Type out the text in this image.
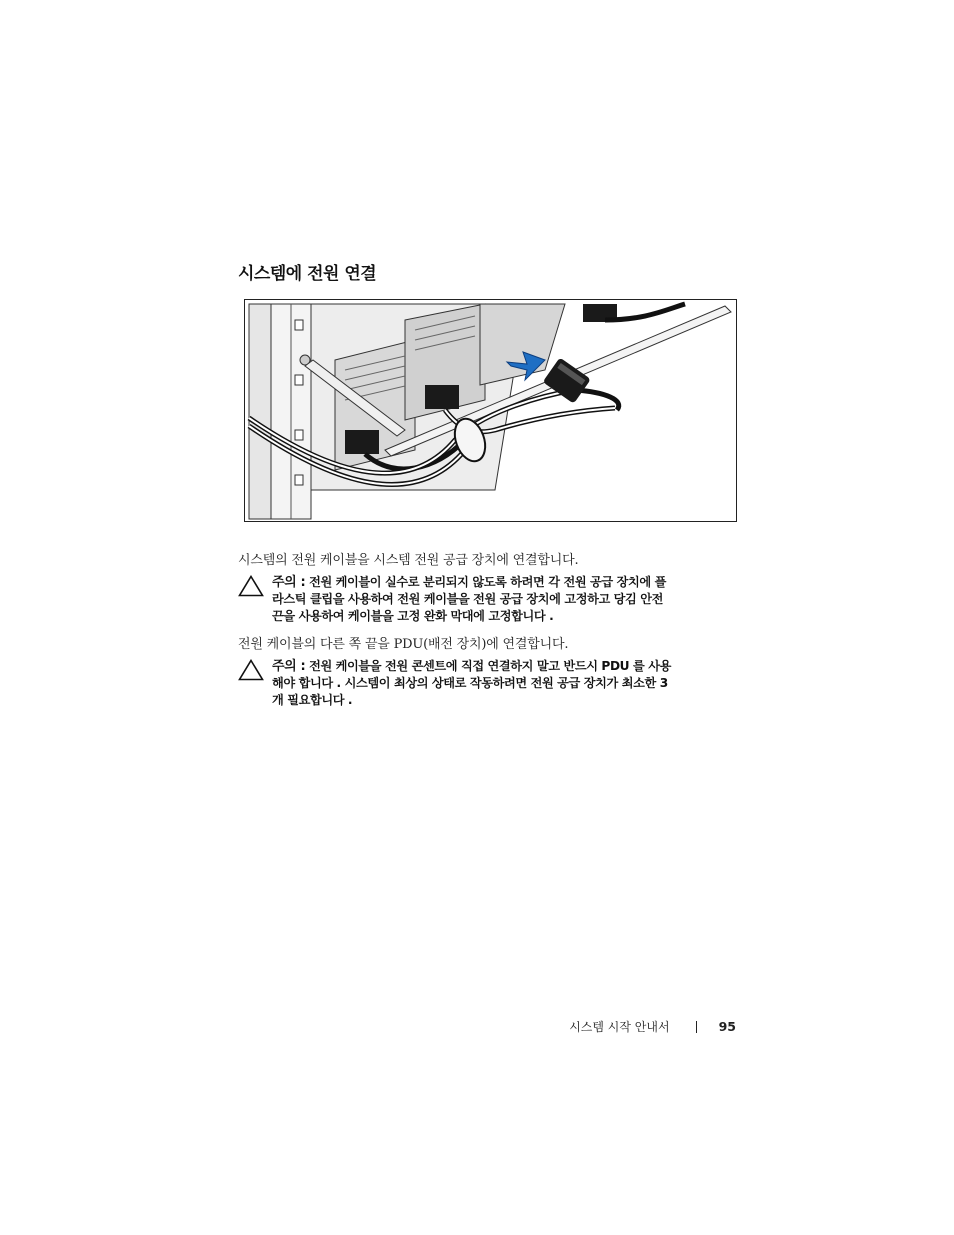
시스템에 전원 연결
시스템의 전원 케이블을 시스템 전원 공급 장치에 연결합니다.
주의 : 전원 케이블이 실수로 분리되지 않도록 하려면 각 전원 공급 장치에 플
라스틱 클립을 사용하여 전원 케이블을 전원 공급 장치에 고정하고 당김 안전
끈을 사용하여 케이블을 고정 완화 막대에 고정합니다 .
전원 케이블의 다른 쪽 끝을 PDU(배전 장치)에 연결합니다.
주의 : 전원 케이블을 전원 콘센트에 직접 연결하지 말고 반드시 PDU 를 사용
해야 합니다 . 시스템이 최상의 상태로 작동하려면 전원 공급 장치가 최소한 3
개 필요합니다 .
시스템 시작 안내서	95
